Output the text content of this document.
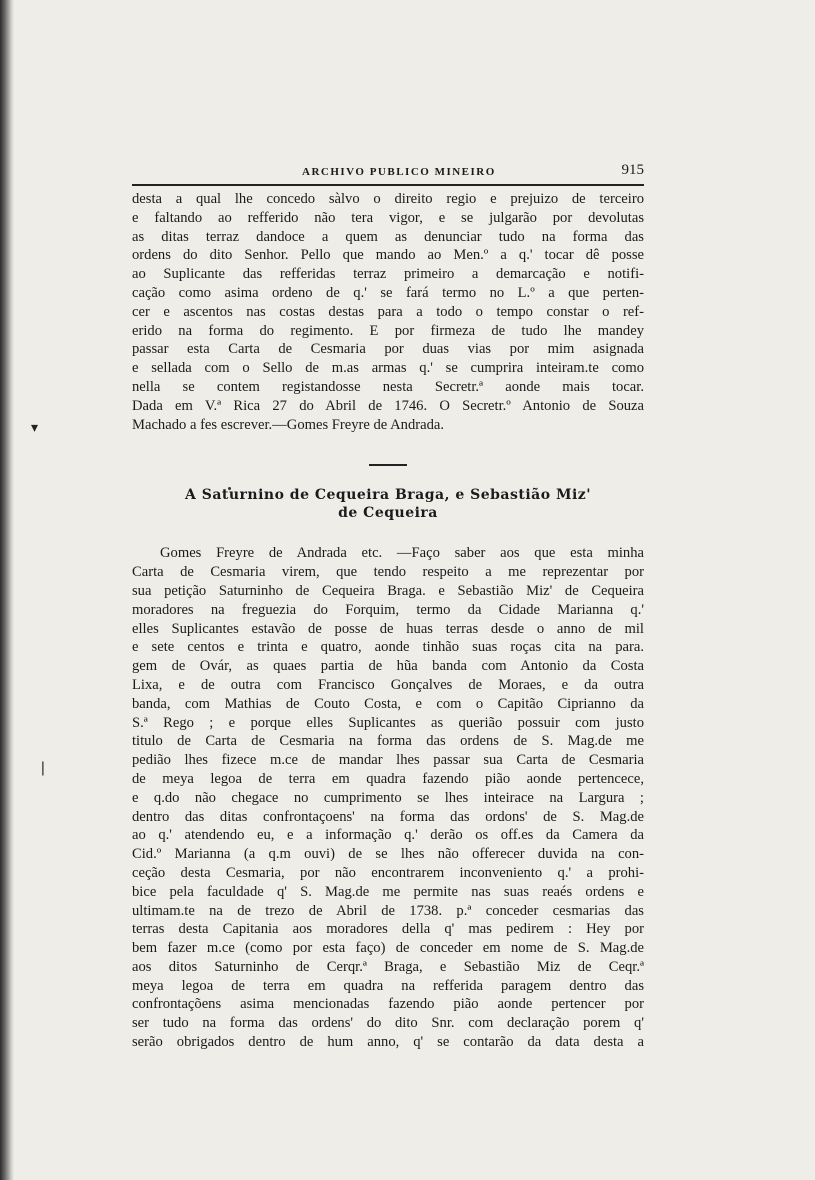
▾
❘
ARCHIVO PUBLICO MINEIRO	915

desta a qual lhe concedo sàlvo o direito regio e prejuizo de terceiro
e faltando ao refferido não tera vigor, e se julgarão por devolutas
as ditas terraz dandoce a quem as denunciar tudo na forma das
ordens do dito Senhor. Pello que mando ao Men.º a q.' tocar dê posse
ao Suplicante das refferidas terraz primeiro a demarcação e notifi-
cação como asima ordeno de q.' se fará termo no L.º a que perten-
cer e ascentos nas costas destas para a todo o tempo constar o ref-
erido na forma do regimento. E por firmeza de tudo lhe mandey
passar esta Carta de Cesmaria por duas vias por mim asignada
e sellada com o Sello de m.as armas q.' se cumprira inteiram.te como
nella se contem registandosse nesta Secretr.ª aonde mais tocar.
Dada em V.ª Rica 27 do Abril de 1746. O Secretr.º Antonio de Souza
Machado a fes escrever.—Gomes Freyre de Andrada.

A Saturnino de Cequeira Braga, e Sebastião Miz'
de Cequeira

Gomes Freyre de Andrada etc. —Faço saber aos que esta minha
Carta de Cesmaria virem, que tendo respeito a me reprezentar por
sua petição Saturninho de Cequeira Braga. e Sebastião Miz' de Cequeira
moradores na freguezia do Forquim, termo da Cidade Marianna q.'
elles Suplicantes estavão de posse de huas terras desde o anno de mil
e sete centos e trinta e quatro, aonde tinhão suas roças cita na para.
gem de Ovár, as quaes partia de hũa banda com Antonio da Costa
Lixa, e de outra com Francisco Gonçalves de Moraes, e da outra
banda, com Mathias de Couto Costa, e com o Capitão Ciprianno da
S.ª Rego ; e porque elles Suplicantes as querião possuir com justo
titulo de Carta de Cesmaria na forma das ordens de S. Mag.de me
pedião lhes fizece m.ce de mandar lhes passar sua Carta de Cesmaria
de meya legoa de terra em quadra fazendo pião aonde pertencece,
e q.do não chegace no cumprimento se lhes inteirace na Largura ;
dentro das ditas confrontaçoens' na forma das ordons' de S. Mag.de
ao q.' atendendo eu, e a informação q.' derão os off.es da Camera da
Cid.º Marianna (a q.m ouvi) de se lhes não offerecer duvida na con-
ceção desta Cesmaria, por não encontrarem inconveniento q.' a prohi-
bice pela faculdade q' S. Mag.de me permite nas suas reaés ordens e
ultimam.te na de trezo de Abril de 1738. p.ª conceder cesmarias das
terras desta Capitania aos moradores della q' mas pedirem : Hey por
bem fazer m.ce (como por esta faço) de conceder em nome de S. Mag.de
aos ditos Saturninho de Cerqr.ª Braga, e Sebastião Miz de Ceqr.ª
meya legoa de terra em quadra na refferida paragem dentro das
confrontaçõens asima mencionadas fazendo pião aonde pertencer por
ser tudo na forma das ordens' do dito Snr. com declaração porem q'
serão obrigados dentro de hum anno, q' se contarão da data desta a
